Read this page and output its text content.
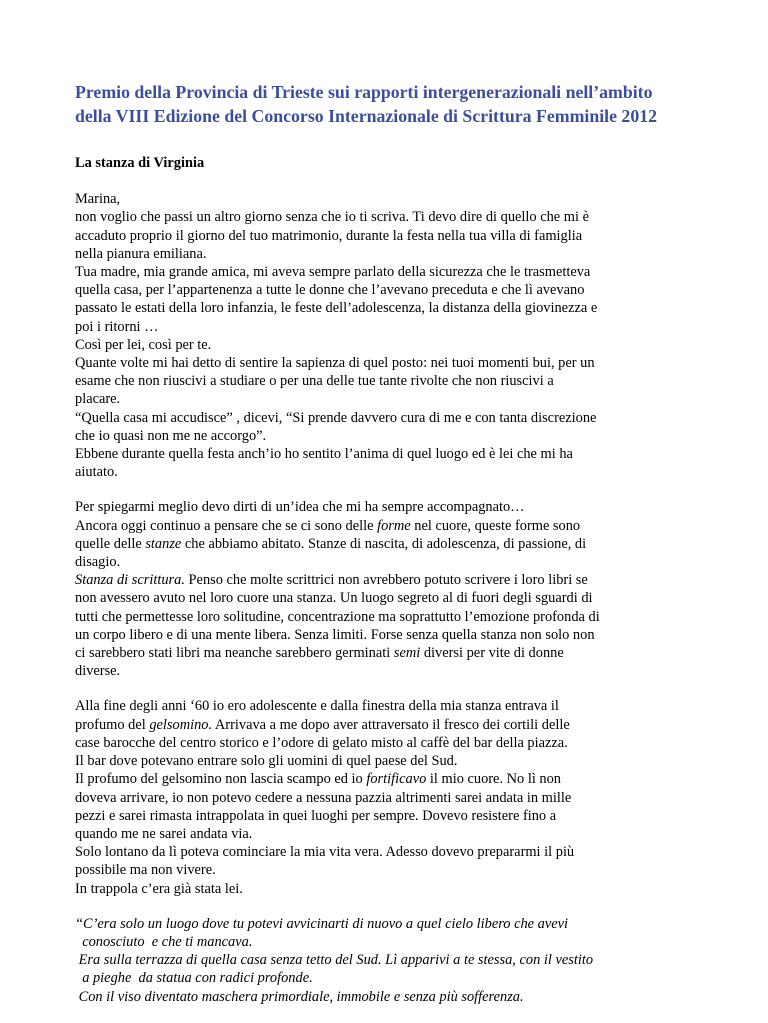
Premio della Provincia di Trieste sui rapporti intergenerazionali nell’ambito
della VIII Edizione del Concorso Internazionale di Scrittura Femminile 2012
La stanza di Virginia
Marina,
non voglio che passi un altro giorno senza che io ti scriva. Ti devo dire di quello che mi è
accaduto proprio il giorno del tuo matrimonio, durante la festa nella tua villa di famiglia
nella pianura emiliana.
Tua madre, mia grande amica, mi aveva sempre parlato della sicurezza che le trasmetteva
quella casa, per l’appartenenza a tutte le donne che l’avevano preceduta e che lì avevano
passato le estati della loro infanzia, le feste dell’adolescenza, la distanza della giovinezza e
poi i ritorni …
Così per lei, così per te.
Quante volte mi hai detto di sentire la sapienza di quel posto: nei tuoi momenti bui, per un
esame che non riuscivi a studiare o per una delle tue tante rivolte che non riuscivi a
placare.
“Quella casa mi accudisce” , dicevi, “Si prende davvero cura di me e con tanta discrezione
che io quasi non me ne accorgo”.
Ebbene durante quella festa anch’io ho sentito l’anima di quel luogo ed è lei che mi ha
aiutato.
Per spiegarmi meglio devo dirti di un’idea che mi ha sempre accompagnato…
Ancora oggi continuo a pensare che se ci sono delle forme nel cuore, queste forme sono
quelle delle stanze che abbiamo abitato. Stanze di nascita, di adolescenza, di passione, di
disagio.
Stanza di scrittura. Penso che molte scrittrici non avrebbero potuto scrivere i loro libri se
non avessero avuto nel loro cuore una stanza. Un luogo segreto al di fuori degli sguardi di
tutti che permettesse loro solitudine, concentrazione ma soprattutto l’emozione profonda di
un corpo libero e di una mente libera. Senza limiti. Forse senza quella stanza non solo non
ci sarebbero stati libri ma neanche sarebbero germinati semi diversi per vite di donne
diverse.
Alla fine degli anni ‘60 io ero adolescente e dalla finestra della mia stanza entrava il
profumo del gelsomino. Arrivava a me dopo aver attraversato il fresco dei cortili delle
case barocche del centro storico e l’odore di gelato misto al caffè del bar della piazza.
Il bar dove potevano entrare solo gli uomini di quel paese del Sud.
Il profumo del gelsomino non lascia scampo ed io fortificavo il mio cuore. No lì non
doveva arrivare, io non potevo cedere a nessuna pazzia altrimenti sarei andata in mille
pezzi e sarei rimasta intrappolata in quei luoghi per sempre. Dovevo resistere fino a
quando me ne sarei andata via.
Solo lontano da lì poteva cominciare la mia vita vera. Adesso dovevo prepararmi il più
possibile ma non vivere.
In trappola c’era già stata lei.
“C’era solo un luogo dove tu potevi avvicinarti di nuovo a quel cielo libero che avevi
conosciuto  e che ti mancava.
Era sulla terrazza di quella casa senza tetto del Sud. Lì apparivi a te stessa, con il vestito
a pieghe  da statua con radici profonde.
Con il viso diventato maschera primordiale, immobile e senza più sofferenza.
